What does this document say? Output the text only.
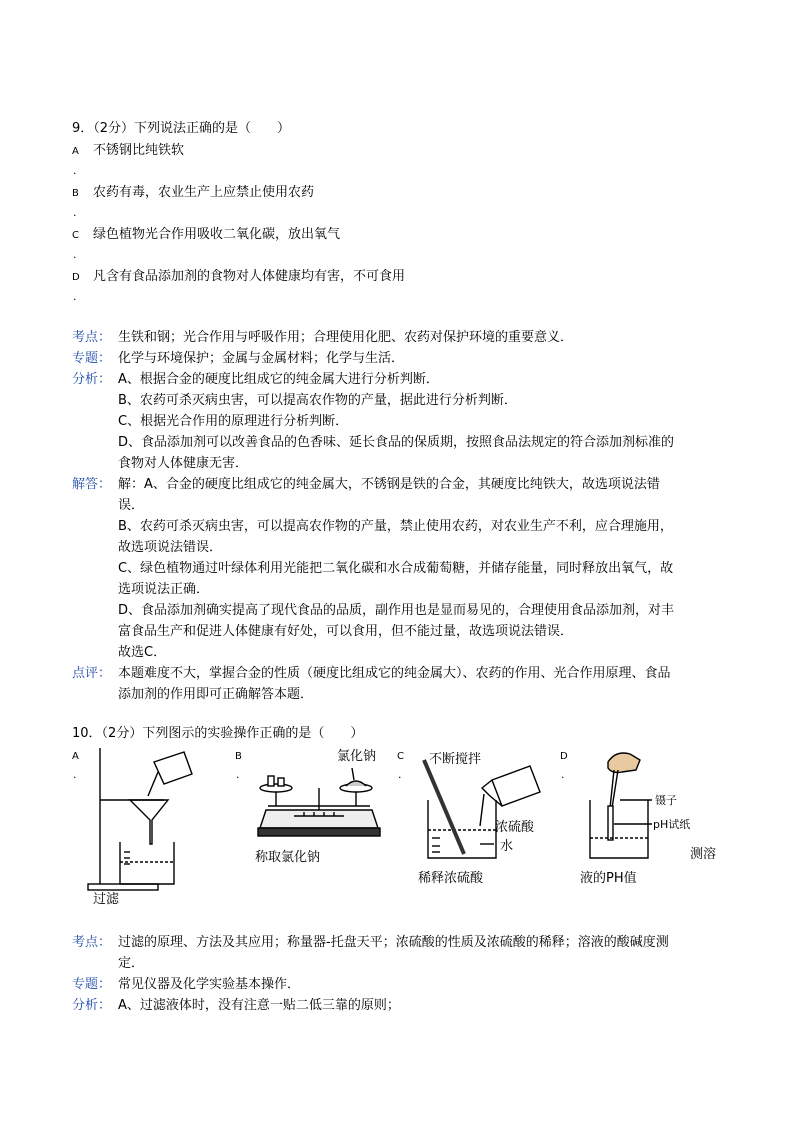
9．（2分）下列说法正确的是（　　）
A 不锈钢比纯铁软
.
B 农药有毒，农业生产上应禁止使用农药
.
C 绿色植物光合作用吸收二氧化碳，放出氧气
.
D 凡含有食品添加剂的食物对人体健康均有害，不可食用
.
考点： 生铁和钢；光合作用与呼吸作用；合理使用化肥、农药对保护环境的重要意义．
专题： 化学与环境保护；金属与金属材料；化学与生活．
分析： A、根据合金的硬度比组成它的纯金属大进行分析判断．
B、农药可杀灭病虫害，可以提高农作物的产量，据此进行分析判断．
C、根据光合作用的原理进行分析判断．
D、食品添加剂可以改善食品的色香味、延长食品的保质期，按照食品法规定的符合添加剂标准的
食物对人体健康无害．
解答： 解：A、合金的硬度比组成它的纯金属大，不锈钢是铁的合金，其硬度比纯铁大，故选项说法错
误．
B、农药可杀灭病虫害，可以提高农作物的产量，禁止使用农药，对农业生产不利，应合理施用，
故选项说法错误．
C、绿色植物通过叶绿体利用光能把二氧化碳和水合成葡萄糖，并储存能量，同时释放出氧气，故
选项说法正确．
D、食品添加剂确实提高了现代食品的品质，副作用也是显而易见的，合理使用食品添加剂，对丰
富食品生产和促进人体健康有好处，可以食用，但不能过量，故选项说法错误．
故选C．
点评： 本题难度不大，掌握合金的性质（硬度比组成它的纯金属大）、农药的作用、光合作用原理、食品
添加剂的作用即可正确解答本题．
10．（2分）下列图示的实验操作正确的是（　　）
A
.
B
.
C
.
D
.
过滤
氯化钠
称取氯化钠
不断搅拌
浓硫酸
水
稀释浓硫酸
镊子
pH试纸
测溶
液的PH值
考点： 过滤的原理、方法及其应用；称量器-托盘天平；浓硫酸的性质及浓硫酸的稀释；溶液的酸碱度测
定．
专题： 常见仪器及化学实验基本操作．
分析： A、过滤液体时，没有注意一贴二低三靠的原则；
